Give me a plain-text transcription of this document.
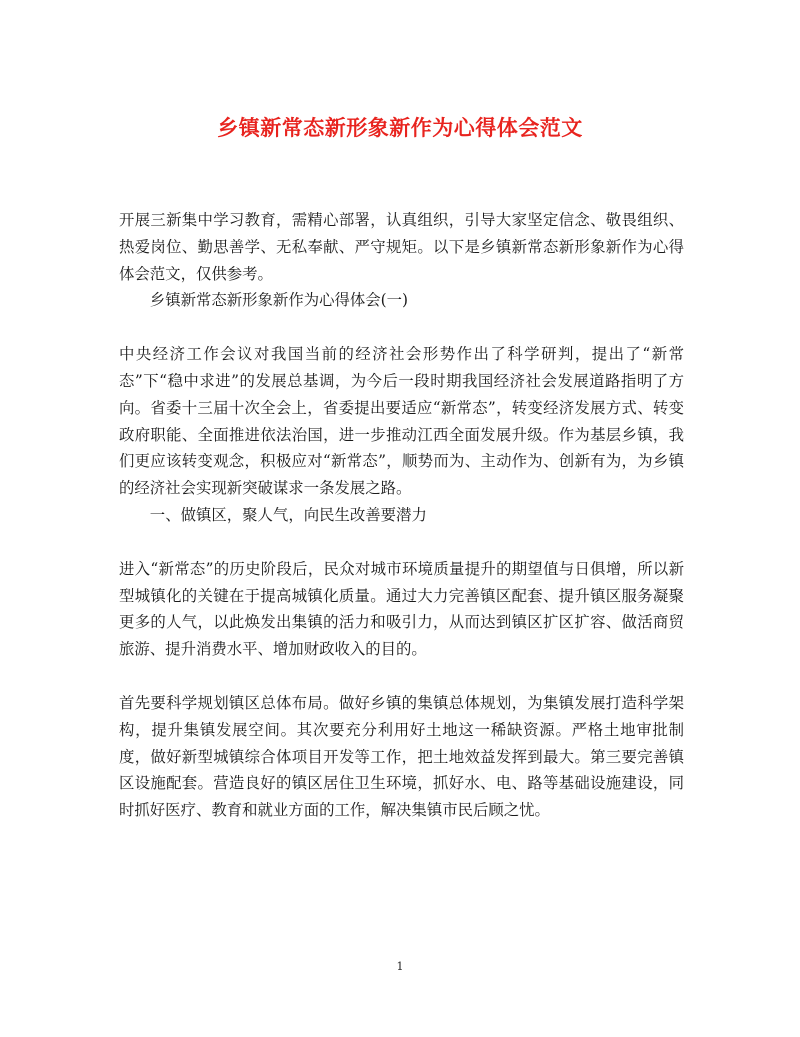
乡镇新常态新形象新作为心得体会范文

开展三新集中学习教育，需精心部署，认真组织，引导大家坚定信念、敬畏组织、热爱岗位、勤思善学、无私奉献、严守规矩。以下是乡镇新常态新形象新作为心得体会范文，仅供参考。

乡镇新常态新形象新作为心得体会(一)

中央经济工作会议对我国当前的经济社会形势作出了科学研判，提出了“新常态”下“稳中求进”的发展总基调，为今后一段时期我国经济社会发展道路指明了方向。省委十三届十次全会上，省委提出要适应“新常态”，转变经济发展方式、转变政府职能、全面推进依法治国，进一步推动江西全面发展升级。作为基层乡镇，我们更应该转变观念，积极应对“新常态”，顺势而为、主动作为、创新有为，为乡镇的经济社会实现新突破谋求一条发展之路。

一、做镇区，聚人气，向民生改善要潜力

进入“新常态”的历史阶段后，民众对城市环境质量提升的期望值与日俱增，所以新型城镇化的关键在于提高城镇化质量。通过大力完善镇区配套、提升镇区服务凝聚更多的人气，以此焕发出集镇的活力和吸引力，从而达到镇区扩区扩容、做活商贸旅游、提升消费水平、增加财政收入的目的。

首先要科学规划镇区总体布局。做好乡镇的集镇总体规划，为集镇发展打造科学架构，提升集镇发展空间。其次要充分利用好土地这一稀缺资源。严格土地审批制度，做好新型城镇综合体项目开发等工作，把土地效益发挥到最大。第三要完善镇区设施配套。营造良好的镇区居住卫生环境，抓好水、电、路等基础设施建设，同时抓好医疗、教育和就业方面的工作，解决集镇市民后顾之忧。

1
